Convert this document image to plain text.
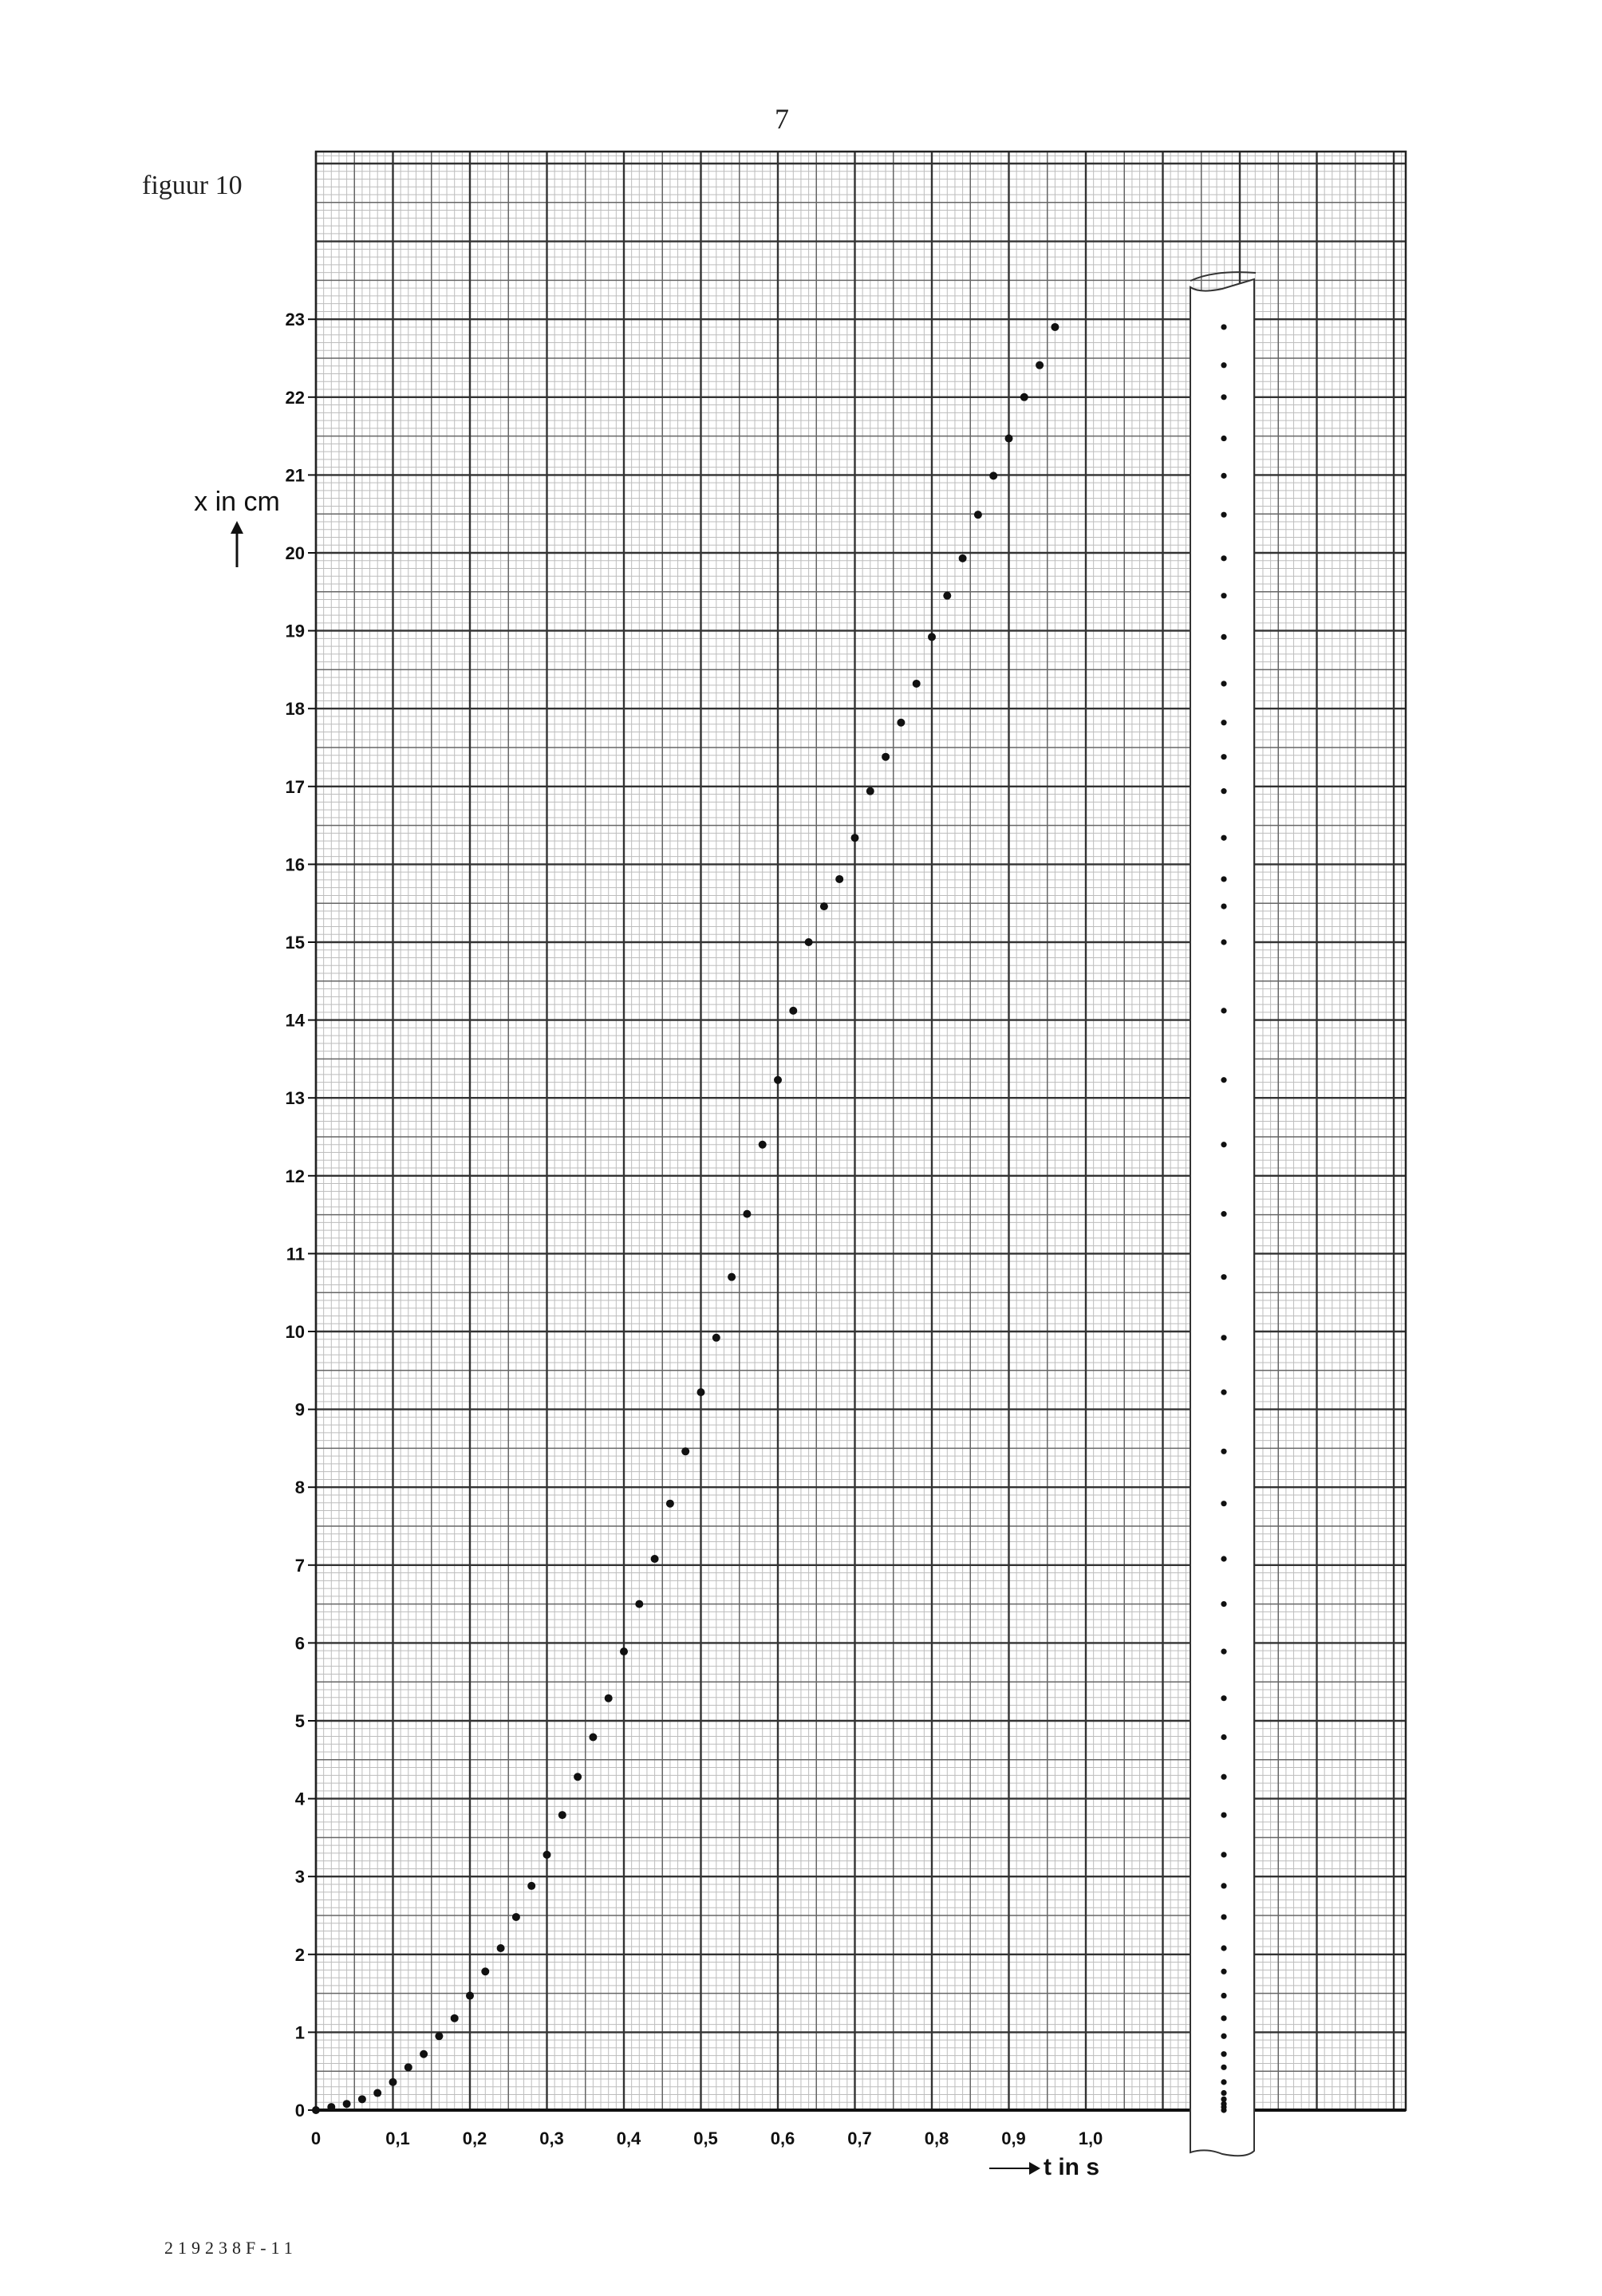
7
figuur 10
x in cm
0
1
2
3
4
5
6
7
8
9
10
11
12
13
14
15
16
17
18
19
20
21
22
23
0	0,1	0,2	0,3	0,4	0,5	0,6	0,7	0,8	0,9	1,0
t in s
219238F-11
